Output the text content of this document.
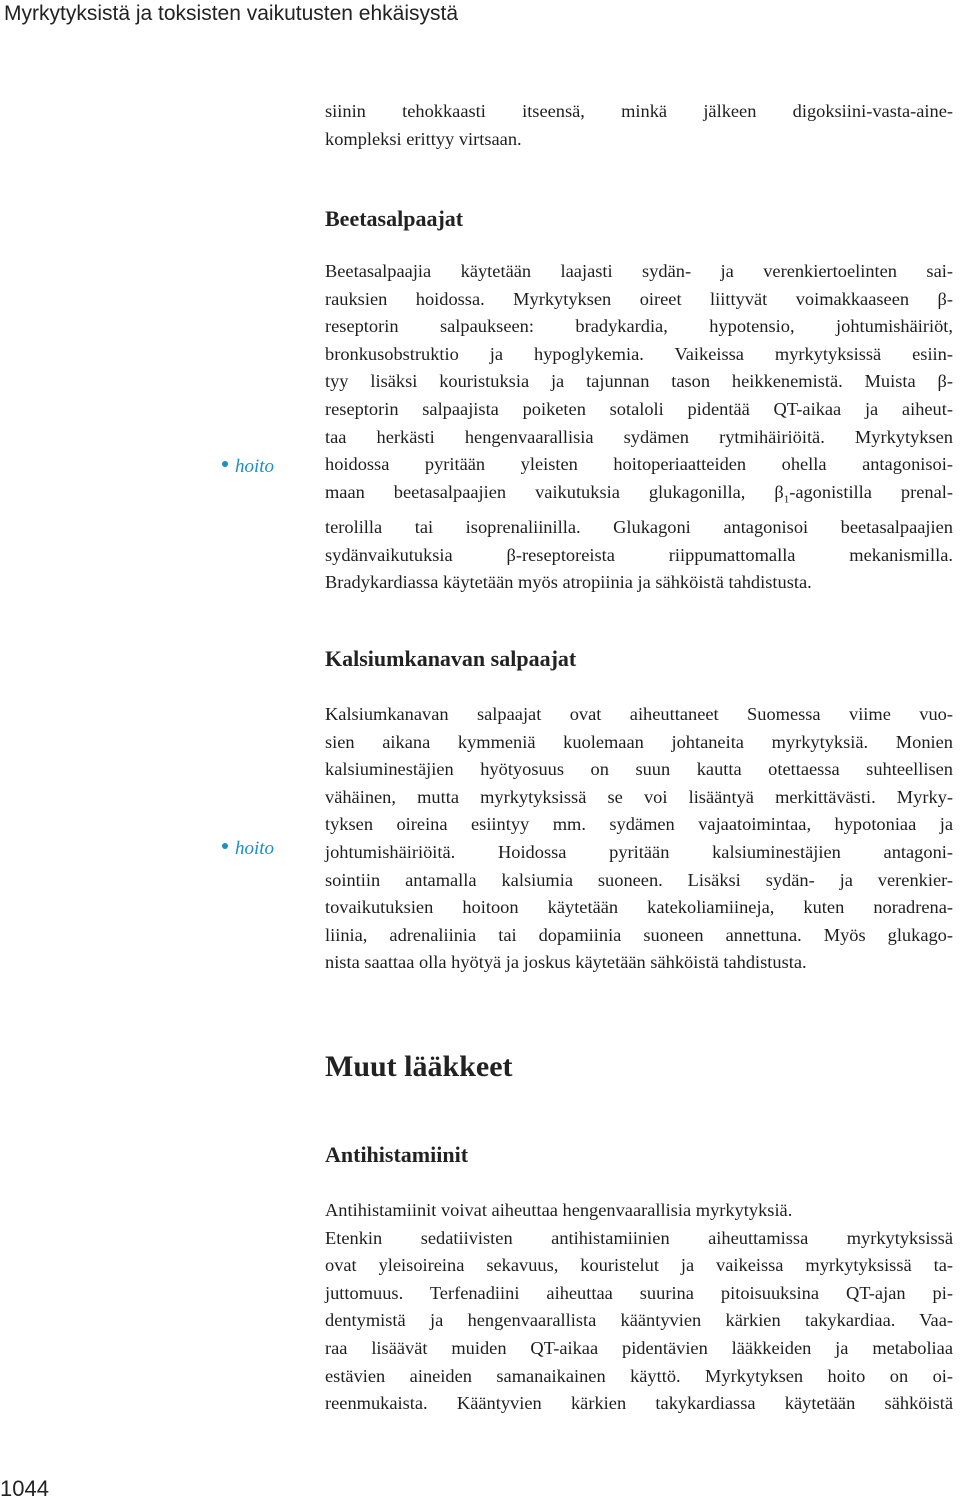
Myrkytyksistä ja toksisten vaikutusten ehkäisystä
siinin tehokkaasti itseensä, minkä jälkeen digoksiini-vasta-aine-
kompleksi erittyy virtsaan.
Beetasalpaajat
hoito
Beetasalpaajia käytetään laajasti sydän- ja verenkiertoelinten sai-
rauksien hoidossa. Myrkytyksen oireet liittyvät voimakkaaseen β-
reseptorin salpaukseen: bradykardia, hypotensio, johtumishäiriöt,
bronkusobstruktio ja hypoglykemia. Vaikeissa myrkytyksissä esiin-
tyy lisäksi kouristuksia ja tajunnan tason heikkenemistä. Muista β-
reseptorin salpaajista poiketen sotaloli pidentää QT-aikaa ja aiheut-
taa herkästi hengenvaarallisia sydämen rytmihäiriöitä. Myrkytyksen
hoidossa pyritään yleisten hoitoperiaatteiden ohella antagonisoi-
maan beetasalpaajien vaikutuksia glukagonilla, $\beta_1$-agonistilla prenal-
terolilla tai isoprenaliinilla. Glukagoni antagonisoi beetasalpaajien
sydänvaikutuksia β-reseptoreista riippumattomalla mekanismilla.
Bradykardiassa käytetään myös atropiinia ja sähköistä tahdistusta.
Kalsiumkanavan salpaajat
hoito
Kalsiumkanavan salpaajat ovat aiheuttaneet Suomessa viime vuo-
sien aikana kymmeniä kuolemaan johtaneita myrkytyksiä. Monien
kalsiuminestäjien hyötyosuus on suun kautta otettaessa suhteellisen
vähäinen, mutta myrkytyksissä se voi lisääntyä merkittävästi. Myrky-
tyksen oireina esiintyy mm. sydämen vajaatoimintaa, hypotoniaa ja
johtumishäiriöitä. Hoidossa pyritään kalsiuminestäjien antagoni-
sointiin antamalla kalsiumia suoneen. Lisäksi sydän- ja verenkier-
tovaikutuksien hoitoon käytetään katekoliamiineja, kuten noradrena-
liinia, adrenaliinia tai dopamiinia suoneen annettuna. Myös glukago-
nista saattaa olla hyötyä ja joskus käytetään sähköistä tahdistusta.
Muut lääkkeet
Antihistamiinit
Antihistamiinit voivat aiheuttaa hengenvaarallisia myrkytyksiä.
Etenkin sedatiivisten antihistamiinien aiheuttamissa myrkytyksissä
ovat yleisoireina sekavuus, kouristelut ja vaikeissa myrkytyksissä ta-
juttomuus. Terfenadiini aiheuttaa suurina pitoisuuksina QT-ajan pi-
dentymistä ja hengenvaarallista kääntyvien kärkien takykardiaa. Vaa-
raa lisäävät muiden QT-aikaa pidentävien lääkkeiden ja metaboliaa
estävien aineiden samanaikainen käyttö. Myrkytyksen hoito on oi-
reenmukaista. Kääntyvien kärkien takykardiassa käytetään sähköistä
1044
